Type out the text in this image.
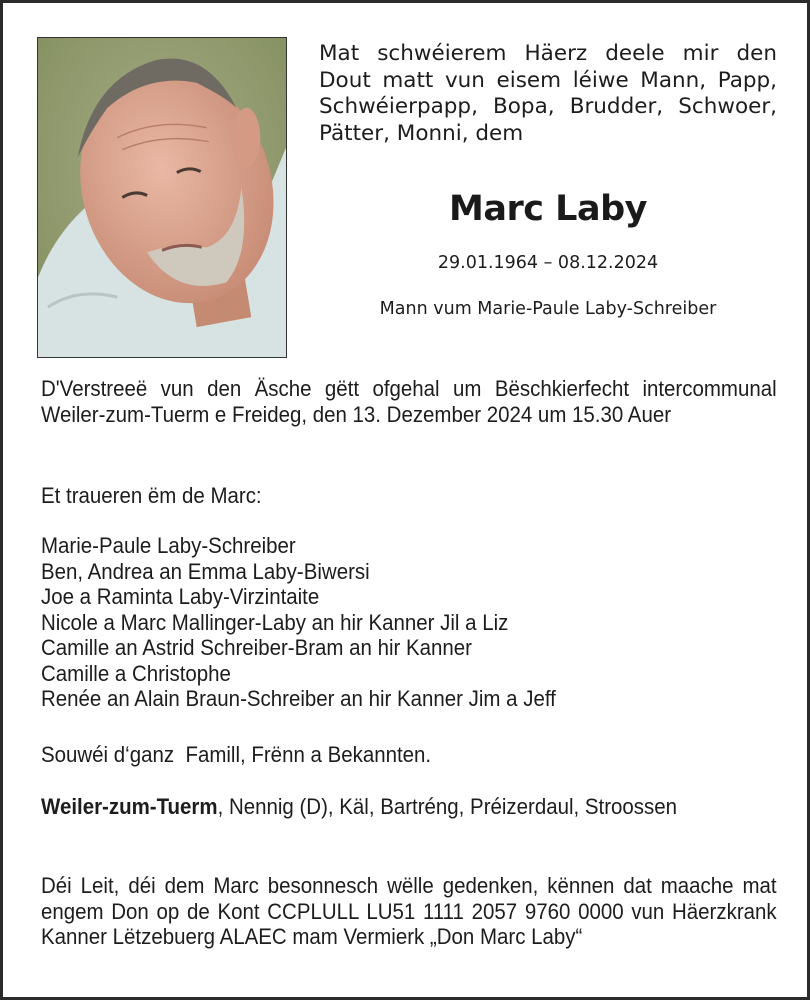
Mat schwéierem Häerz deele mir den Dout matt vun eisem léiwe Mann, Papp, Schwéierpapp, Bopa, Brudder, Schwoer, Pätter, Monni, dem
Marc Laby
29.01.1964 – 08.12.2024
Mann vum Marie-Paule Laby-Schreiber
D'Verstreeë vun den Äsche gëtt ofgehal um Bëschkierfecht intercommunal Weiler-zum-Tuerm e Freideg, den 13. Dezember 2024 um 15.30 Auer
Et traueren ëm de Marc:
Marie-Paule Laby-Schreiber
Ben, Andrea an Emma Laby-Biwersi
Joe a Raminta Laby-Virzintaite
Nicole a Marc Mallinger-Laby an hir Kanner Jil a Liz
Camille an Astrid Schreiber-Bram an hir Kanner
Camille a Christophe
Renée an Alain Braun-Schreiber an hir Kanner Jim a Jeff
Souwéi d‘ganz  Famill, Frënn a Bekannten.
Weiler-zum-Tuerm, Nennig (D), Käl, Bartréng, Préizerdaul, Stroossen
Déi Leit, déi dem Marc besonnesch wëlle gedenken, kënnen dat maache mat engem Don op de Kont CCPLULL LU51 1111 2057 9760 0000 vun Häerzkrank Kanner Lëtzebuerg ALAEC mam Vermierk „Don Marc Laby“
